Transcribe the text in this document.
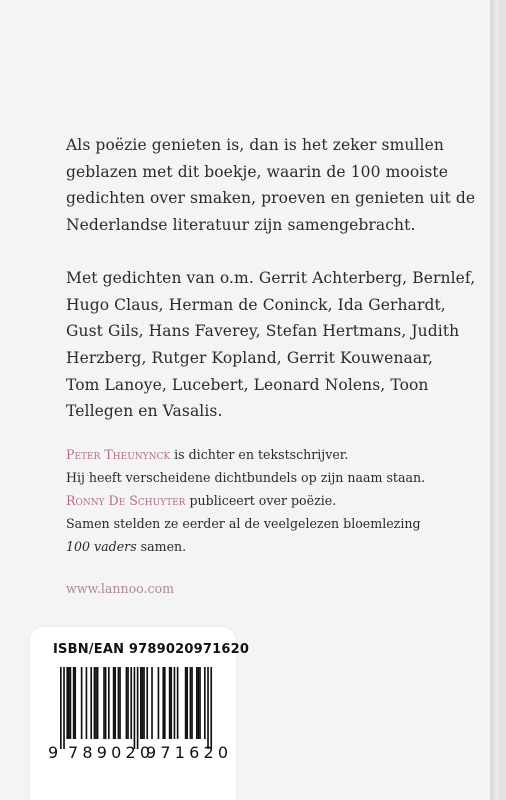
Als poëzie genieten is, dan is het zeker smullen
geblazen met dit boekje, waarin de 100 mooiste
gedichten over smaken, proeven en genieten uit de
Nederlandse literatuur zijn samengebracht.

Met gedichten van o.m. Gerrit Achterberg, Bernlef,
Hugo Claus, Herman de Coninck, Ida Gerhardt,
Gust Gils, Hans Faverey, Stefan Hertmans, Judith
Herzberg, Rutger Kopland, Gerrit Kouwenaar,
Tom Lanoye, Lucebert, Leonard Nolens, Toon
Tellegen en Vasalis.

Peter Theunynck is dichter en tekstschrijver.

Hij heeft verscheidene dichtbundels op zijn naam staan.

Ronny De Schuyter publiceert over poëzie.

Samen stelden ze eerder al de veelgelezen bloemlezing

100 vaders samen.

www.lannoo.com
ISBN/EAN 9789020971620
9 789020
971620
